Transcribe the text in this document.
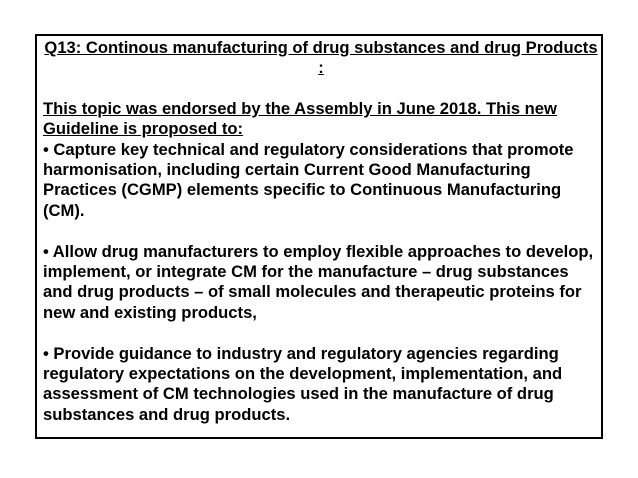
Q13: Continous manufacturing of drug substances and drug Products :
This topic was endorsed by the Assembly in June 2018. This new Guideline is proposed to:

• Capture key technical and regulatory considerations that promote harmonisation, including certain Current Good Manufacturing Practices (CGMP) elements specific to Continuous Manufacturing (CM).

• Allow drug manufacturers to employ flexible approaches to develop, implement, or integrate CM for the manufacture – drug substances and drug products – of small molecules and therapeutic proteins for new and existing products,

• Provide guidance to industry and regulatory agencies regarding regulatory expectations on the development, implementation, and assessment of CM technologies used in the manufacture of drug substances and drug products.
